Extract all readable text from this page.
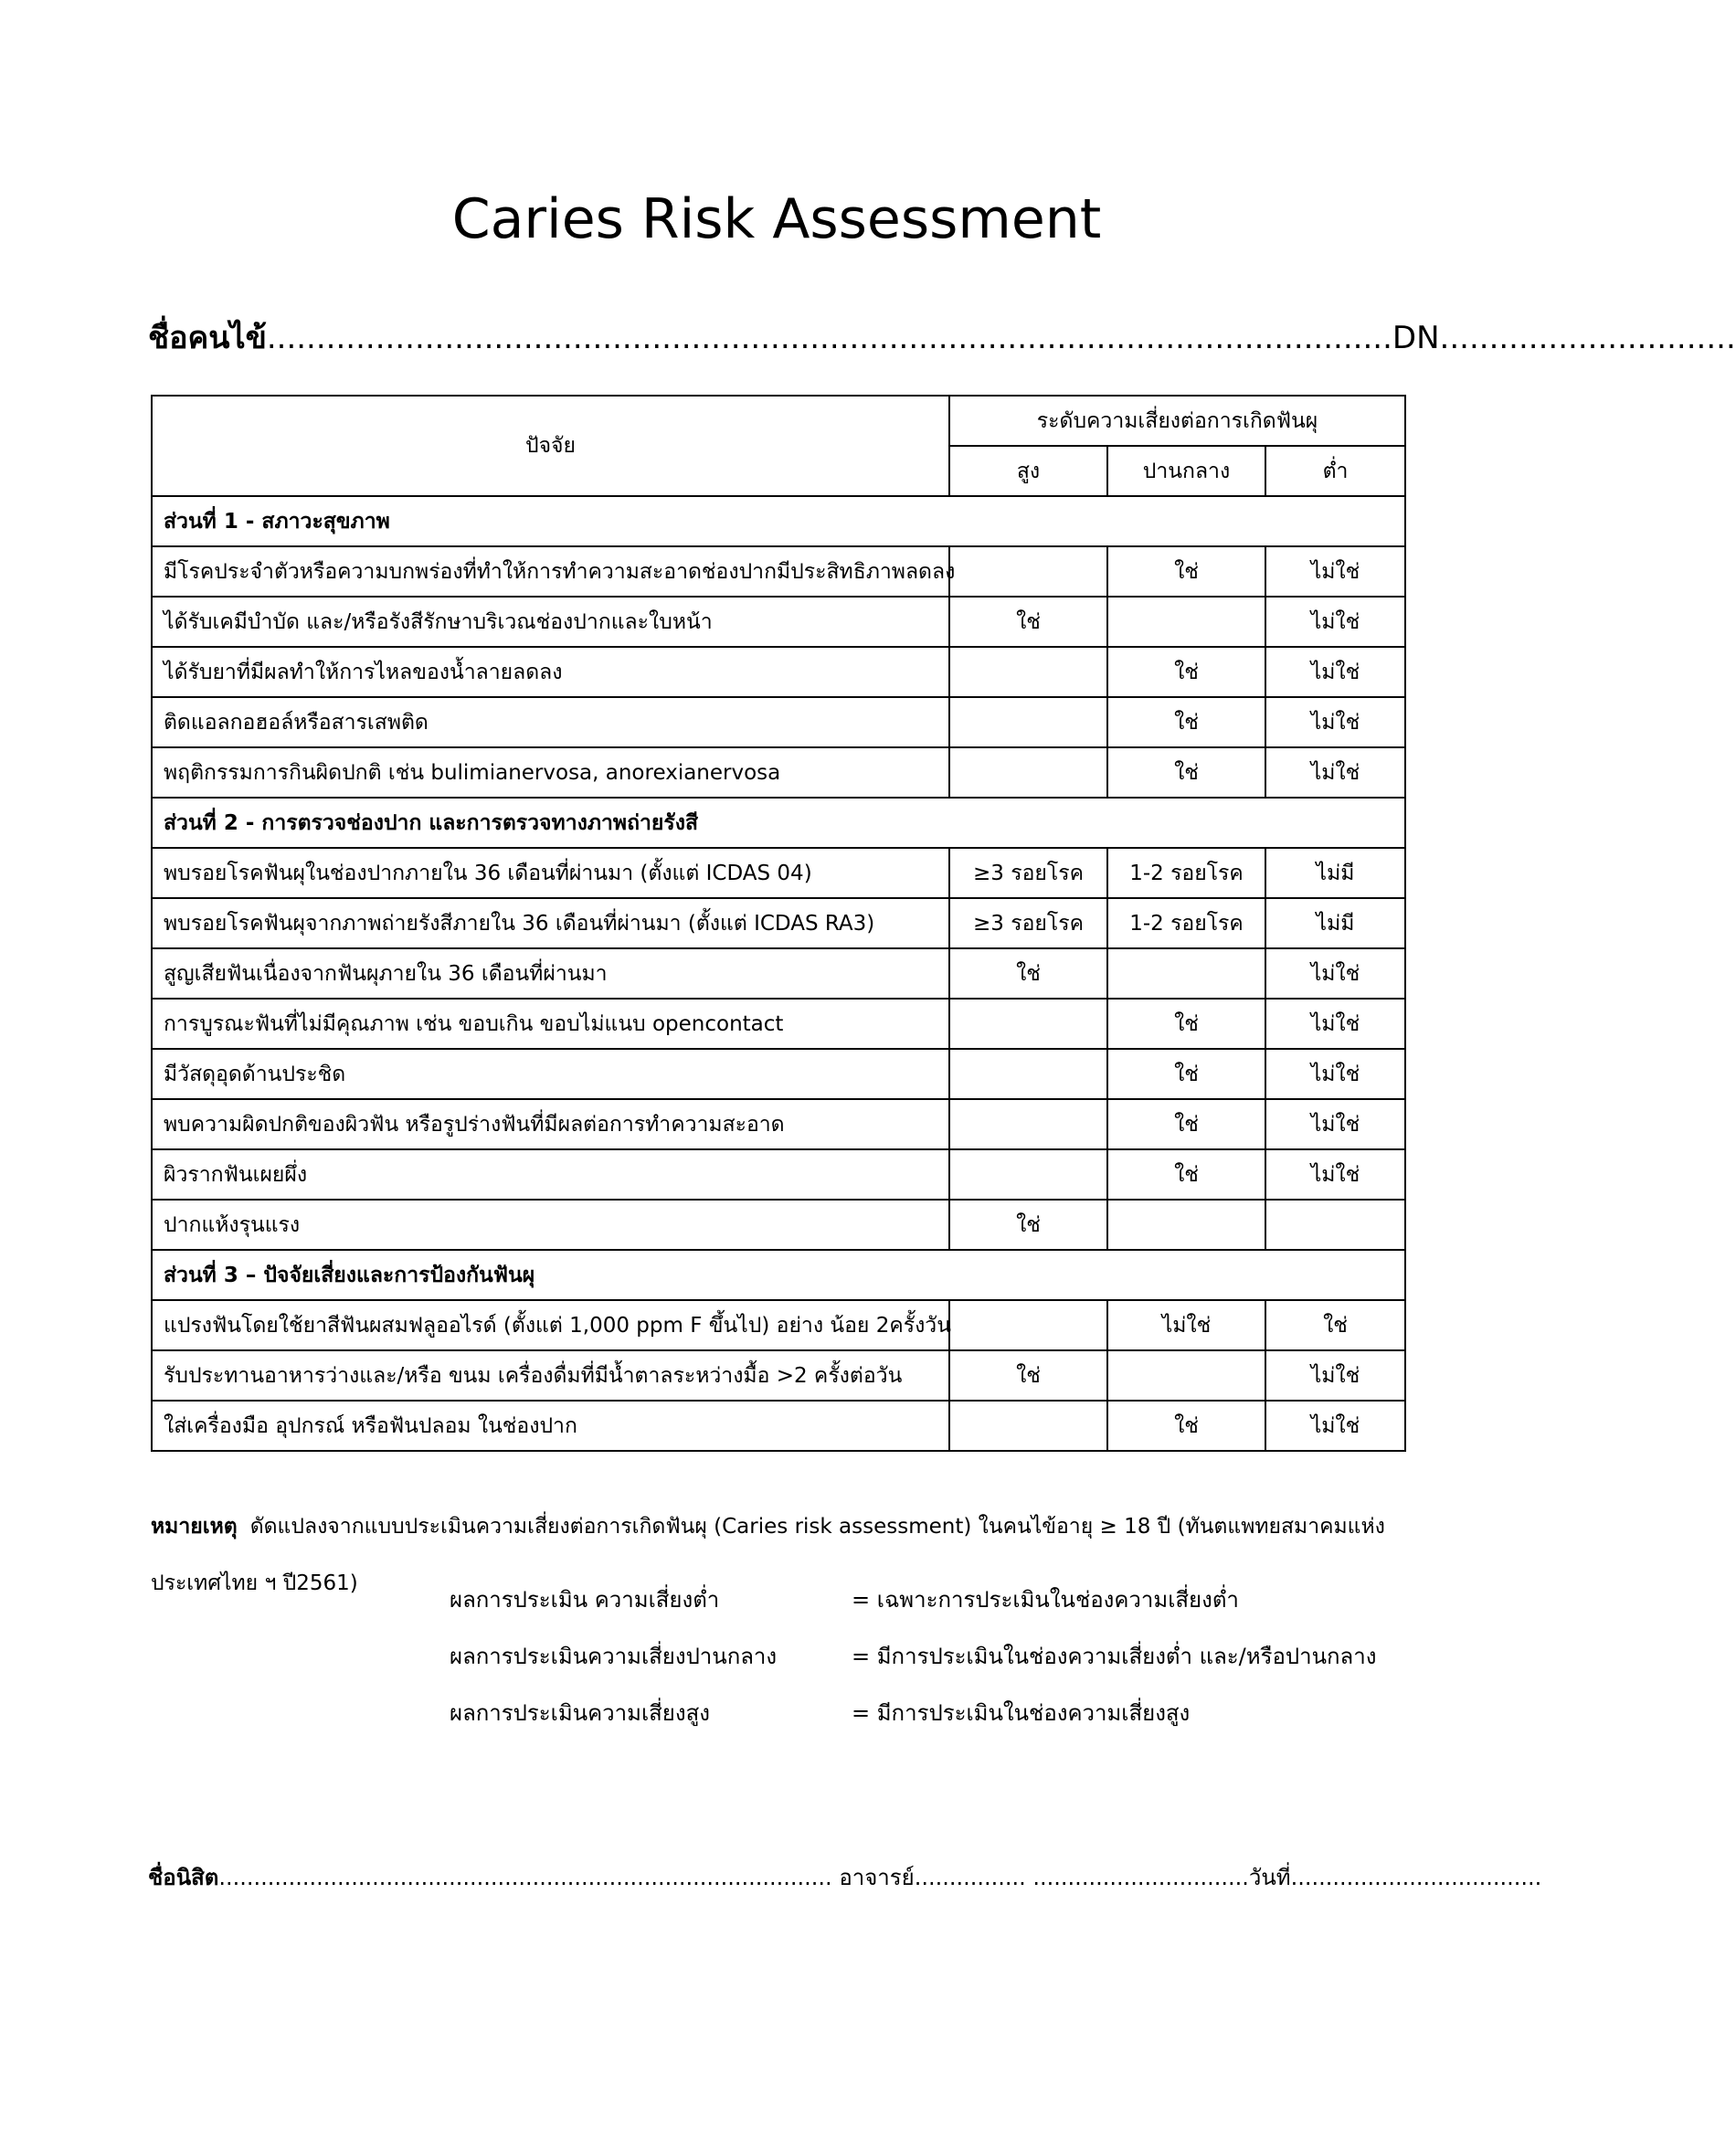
Caries Risk Assessment
ชื่อคนไข้..................................................................................................................DN..............................
ปัจจัย	ระดับความเสี่ยงต่อการเกิดฟันผุ		
	สูง	ปานกลาง	ต่ำ
ส่วนที่ 1 - สภาวะสุขภาพ			
มีโรคประจำตัวหรือความบกพร่องที่ทำให้การทำความสะอาดช่องปากมีประสิทธิภาพลดลง		ใช่	ไม่ใช่
ได้รับเคมีบำบัด และ/หรือรังสีรักษาบริเวณช่องปากและใบหน้า	ใช่		ไม่ใช่
ได้รับยาที่มีผลทำให้การไหลของน้ำลายลดลง		ใช่	ไม่ใช่
ติดแอลกอฮอล์หรือสารเสพติด		ใช่	ไม่ใช่
พฤติกรรมการกินผิดปกติ เช่น bulimianervosa, anorexianervosa		ใช่	ไม่ใช่
ส่วนที่ 2 - การตรวจช่องปาก และการตรวจทางภาพถ่ายรังสี			
พบรอยโรคฟันผุในช่องปากภายใน 36 เดือนที่ผ่านมา (ตั้งแต่ ICDAS 04)	≥3 รอยโรค	1-2 รอยโรค	ไม่มี
พบรอยโรคฟันผุจากภาพถ่ายรังสีภายใน 36 เดือนที่ผ่านมา (ตั้งแต่ ICDAS RA3)	≥3 รอยโรค	1-2 รอยโรค	ไม่มี
สูญเสียฟันเนื่องจากฟันผุภายใน 36 เดือนที่ผ่านมา	ใช่		ไม่ใช่
การบูรณะฟันที่ไม่มีคุณภาพ เช่น ขอบเกิน ขอบไม่แนบ opencontact		ใช่	ไม่ใช่
มีวัสดุอุดด้านประชิด		ใช่	ไม่ใช่
พบความผิดปกติของผิวฟัน หรือรูปร่างฟันที่มีผลต่อการทำความสะอาด		ใช่	ไม่ใช่
ผิวรากฟันเผยผึ่ง		ใช่	ไม่ใช่
ปากแห้งรุนแรง	ใช่		
ส่วนที่ 3 – ปัจจัยเสี่ยงและการป้องกันฟันผุ			
แปรงฟันโดยใช้ยาสีฟันผสมฟลูออไรด์ (ตั้งแต่ 1,000 ppm F ขึ้นไป) อย่าง น้อย 2ครั้งวัน		ไม่ใช่	ใช่
รับประทานอาหารว่างและ/หรือ ขนม เครื่องดื่มที่มีน้ำตาลระหว่างมื้อ >2 ครั้งต่อวัน	ใช่		ไม่ใช่
ใส่เครื่องมือ อุปกรณ์ หรือฟันปลอม ในช่องปาก		ใช่	ไม่ใช่
หมายเหตุ ดัดแปลงจากแบบประเมินความเสี่ยงต่อการเกิดฟันผุ (Caries risk assessment) ในคนไข้อายุ ≥ 18 ปี (ทันตแพทยสมาคมแห่งประเทศไทย ฯ ปี2561)
ผลการประเมิน ความเสี่ยงต่ำ	= เฉพาะการประเมินในช่องความเสี่ยงต่ำ
ผลการประเมินความเสี่ยงปานกลาง	= มีการประเมินในช่องความเสี่ยงต่ำ และ/หรือปานกลาง
ผลการประเมินความเสี่ยงสูง	= มีการประเมินในช่องความเสี่ยงสูง
ชื่อนิสิต........................................................................................ อาจารย์................ ...............................วันที่....................................
